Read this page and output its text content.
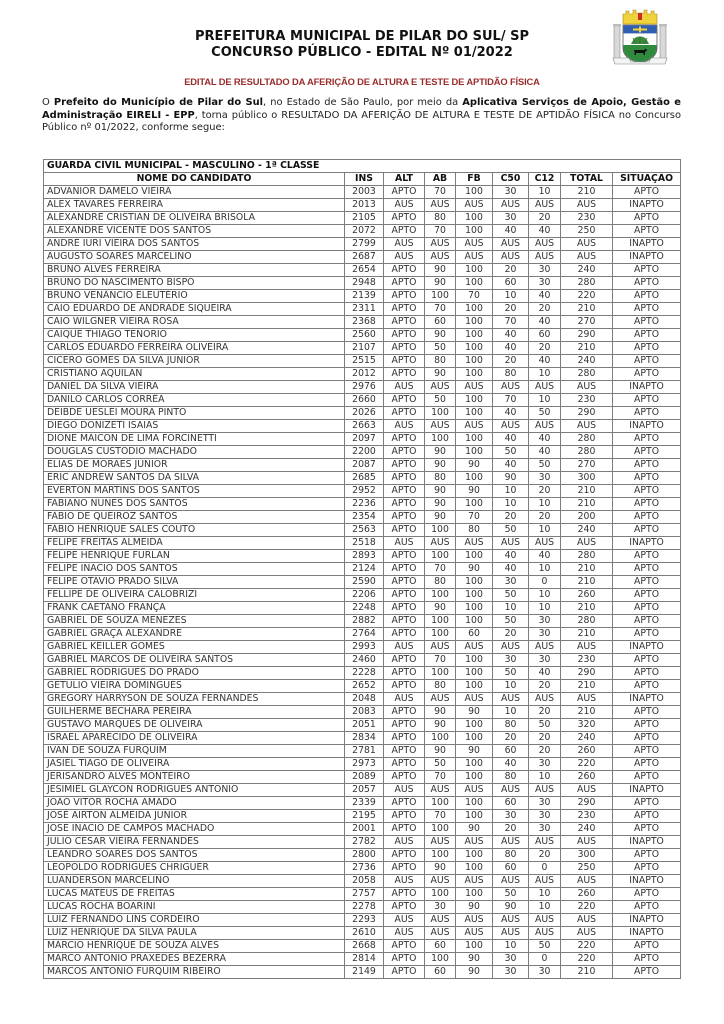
PREFEITURA MUNICIPAL DE PILAR DO SUL/ SP
CONCURSO PÚBLICO - EDITAL Nº 01/2022
EDITAL DE RESULTADO DA AFERIÇÃO DE ALTURA E TESTE DE APTIDÃO FÍSICA
O Prefeito do Município de Pilar do Sul, no Estado de São Paulo, por meio da Aplicativa Serviços de Apoio, Gestão e Administração EIRELI - EPP, torna público o RESULTADO DA AFERIÇÃO DE ALTURA E TESTE DE APTIDÃO FÍSICA no Concurso Público nº 01/2022, conforme segue:
GUARDA CÍVIL MUNICIPAL - MASCULINO - 1ª CLASSE								
NOME DO CANDIDATO	INS	ALT	AB	FB	C50	C12	TOTAL	SITUAÇÃO
ADVANIOR DAMELO VIEIRA	2003	APTO	70	100	30	10	210	APTO
ALEX TAVARES FERREIRA	2013	AUS	AUS	AUS	AUS	AUS	AUS	INAPTO
ALEXANDRE CRISTIAN DE OLIVEIRA BRISOLA	2105	APTO	80	100	30	20	230	APTO
ALEXANDRE VICENTE DOS SANTOS	2072	APTO	70	100	40	40	250	APTO
ANDRÉ IURI VIEIRA DOS SANTOS	2799	AUS	AUS	AUS	AUS	AUS	AUS	INAPTO
AUGUSTO SOARES MARCELINO	2687	AUS	AUS	AUS	AUS	AUS	AUS	INAPTO
BRUNO ALVES FERREIRA	2654	APTO	90	100	20	30	240	APTO
BRUNO DO NASCIMENTO BISPO	2948	APTO	90	100	60	30	280	APTO
BRUNO VENÂNCIO ELEUTÉRIO	2139	APTO	100	70	10	40	220	APTO
CAIO EDUARDO DE ANDRADE SIQUEIRA	2311	APTO	70	100	20	20	210	APTO
CAIO WILGNER VIEIRA ROSA	2368	APTO	60	100	70	40	270	APTO
CAIQUE THIAGO TENORIO	2560	APTO	90	100	40	60	290	APTO
CARLOS EDUARDO FERREIRA OLIVEIRA	2107	APTO	50	100	40	20	210	APTO
CICERO GOMES DA SILVA JUNIOR	2515	APTO	80	100	20	40	240	APTO
CRISTIANO AQUILAN	2012	APTO	90	100	80	10	280	APTO
DANIEL DA SILVA VIEIRA	2976	AUS	AUS	AUS	AUS	AUS	AUS	INAPTO
DANILO CARLOS CORRÊA	2660	APTO	50	100	70	10	230	APTO
DEIBDE UESLEI MOURA PINTO	2026	APTO	100	100	40	50	290	APTO
DIEGO DONIZETI ISAIAS	2663	AUS	AUS	AUS	AUS	AUS	AUS	INAPTO
DIONE MAICON DE LIMA FORCINETTI	2097	APTO	100	100	40	40	280	APTO
DOUGLAS CUSTODIO MACHADO	2200	APTO	90	100	50	40	280	APTO
ELIAS DE MORAES JUNIOR	2087	APTO	90	90	40	50	270	APTO
ERIC ANDREW SANTOS DA SILVA	2685	APTO	80	100	90	30	300	APTO
EVERTON MARTINS DOS SANTOS	2952	APTO	90	90	10	20	210	APTO
FABIANO NUNES DOS SANTOS	2236	APTO	90	100	10	10	210	APTO
FÁBIO DE QUEIROZ SANTOS	2354	APTO	90	70	20	20	200	APTO
FÁBIO HENRIQUE SALES COUTO	2563	APTO	100	80	50	10	240	APTO
FELIPE FREITAS ALMEIDA	2518	AUS	AUS	AUS	AUS	AUS	AUS	INAPTO
FELIPE HENRIQUE FURLAN	2893	APTO	100	100	40	40	280	APTO
FELIPE INACIO DOS SANTOS	2124	APTO	70	90	40	10	210	APTO
FELIPE OTAVIO PRADO SILVA	2590	APTO	80	100	30	0	210	APTO
FELLIPE DE OLIVEIRA CALOBRIZI	2206	APTO	100	100	50	10	260	APTO
FRANK CAETANO FRANÇA	2248	APTO	90	100	10	10	210	APTO
GABRIEL DE SOUZA MENEZES	2882	APTO	100	100	50	30	280	APTO
GABRIEL GRAÇA ALEXANDRE	2764	APTO	100	60	20	30	210	APTO
GABRIEL KEILLER GOMES	2993	AUS	AUS	AUS	AUS	AUS	AUS	INAPTO
GABRIEL MARCOS DE OLIVEIRA SANTOS	2460	APTO	70	100	30	30	230	APTO
GABRIEL RODRIGUES DO PRADO	2228	APTO	100	100	50	40	290	APTO
GETULIO VIEIRA DOMINGUES	2652	APTO	80	100	10	20	210	APTO
GREGORY HARRYSON DE SOUZA FERNANDES	2048	AUS	AUS	AUS	AUS	AUS	AUS	INAPTO
GUILHERME BECHARA PEREIRA	2083	APTO	90	90	10	20	210	APTO
GUSTAVO MARQUES DE OLIVEIRA	2051	APTO	90	100	80	50	320	APTO
ISRAEL APARECIDO DE OLIVEIRA	2834	APTO	100	100	20	20	240	APTO
IVAN DE SOUZA FURQUIM	2781	APTO	90	90	60	20	260	APTO
JASIEL TIAGO DE OLIVEIRA	2973	APTO	50	100	40	30	220	APTO
JERISANDRO ALVES MONTEIRO	2089	APTO	70	100	80	10	260	APTO
JESIMIEL GLAYCON RODRIGUES ANTÔNIO	2057	AUS	AUS	AUS	AUS	AUS	AUS	INAPTO
JOÃO VITOR ROCHA AMADO	2339	APTO	100	100	60	30	290	APTO
JOSÉ AIRTON ALMEIDA JUNIOR	2195	APTO	70	100	30	30	230	APTO
JOSE INACIO DE CAMPOS MACHADO	2001	APTO	100	90	20	30	240	APTO
JULIO CESAR VIEIRA FERNANDES	2782	AUS	AUS	AUS	AUS	AUS	AUS	INAPTO
LEANDRO SOARES DOS SANTOS	2800	APTO	100	100	80	20	300	APTO
LEOPOLDO RODRIGUES CHRIGUER	2736	APTO	90	100	60	0	250	APTO
LUANDERSON MARCELINO	2058	AUS	AUS	AUS	AUS	AUS	AUS	INAPTO
LUCAS MATEUS DE FREITAS	2757	APTO	100	100	50	10	260	APTO
LUCAS ROCHA BOARINI	2278	APTO	30	90	90	10	220	APTO
LUIZ FERNANDO LINS CORDEIRO	2293	AUS	AUS	AUS	AUS	AUS	AUS	INAPTO
LUIZ HENRIQUE DA SILVA PAULA	2610	AUS	AUS	AUS	AUS	AUS	AUS	INAPTO
MÁRCIO HENRIQUE DE SOUZA ALVES	2668	APTO	60	100	10	50	220	APTO
MARCO ANTONIO PRAXEDES BEZERRA	2814	APTO	100	90	30	0	220	APTO
MARCOS ANTÔNIO FURQUIM RIBEIRO	2149	APTO	60	90	30	30	210	APTO
